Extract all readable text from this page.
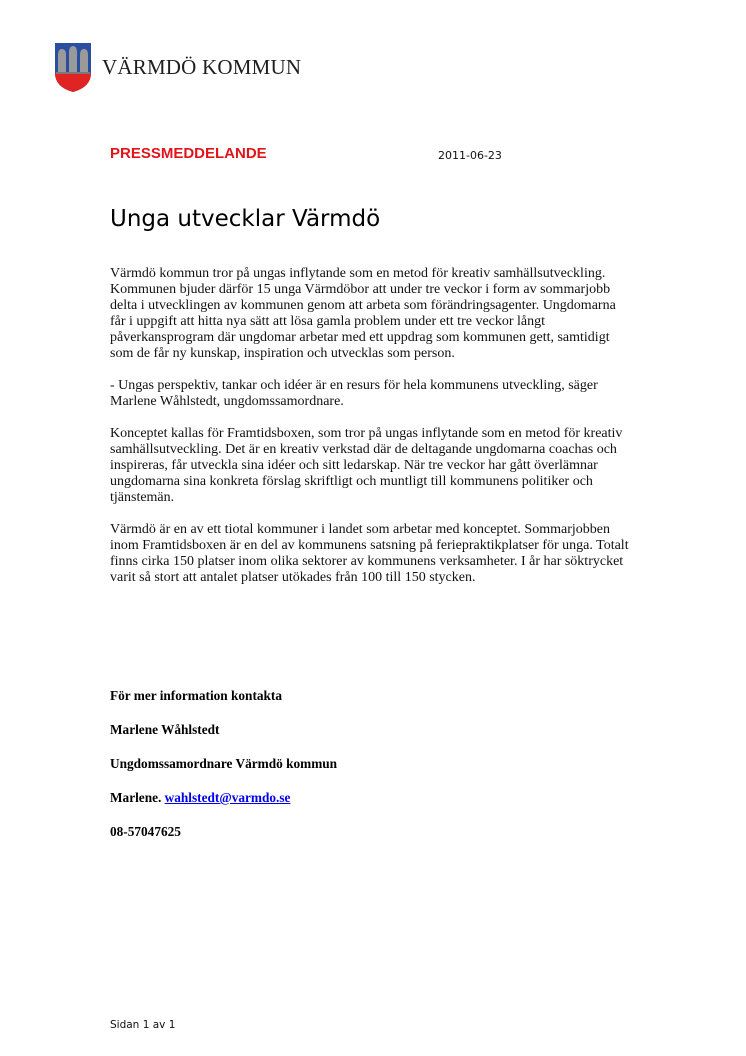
VÄRMDÖ KOMMUN
PRESSMEDDELANDE	2011-06-23
Unga utvecklar Värmdö

Värmdö kommun tror på ungas inflytande som en metod för kreativ samhällsutveckling. Kommunen bjuder därför 15 unga Värmdöbor att under tre veckor i form av sommarjobb delta i utvecklingen av kommunen genom att arbeta som förändringsagenter. Ungdomarna får i uppgift att hitta nya sätt att lösa gamla problem under ett tre veckor långt påverkansprogram där ungdomar arbetar med ett uppdrag som kommunen gett, samtidigt som de får ny kunskap, inspiration och utvecklas som person.

- Ungas perspektiv, tankar och idéer är en resurs för hela kommunens utveckling, säger Marlene Wåhlstedt, ungdomssamordnare.

Konceptet kallas för Framtidsboxen, som tror på ungas inflytande som en metod för kreativ samhällsutveckling. Det är en kreativ verkstad där de deltagande ungdomarna coachas och inspireras, får utveckla sina idéer och sitt ledarskap. När tre veckor har gått överlämnar ungdomarna sina konkreta förslag skriftligt och muntligt till kommunens politiker och tjänstemän.

Värmdö är en av ett tiotal kommuner i landet som arbetar med konceptet. Sommarjobben inom Framtidsboxen är en del av kommunens satsning på feriepraktikplatser för unga. Totalt finns cirka 150 platser inom olika sektorer av kommunens verksamheter. I år har söktrycket varit så stort att antalet platser utökades från 100 till 150 stycken.

För mer information kontakta
Marlene Wåhlstedt
Ungdomssamordnare Värmdö kommun
Marlene. wahlstedt@varmdo.se
08-57047625
Sidan 1 av 1
